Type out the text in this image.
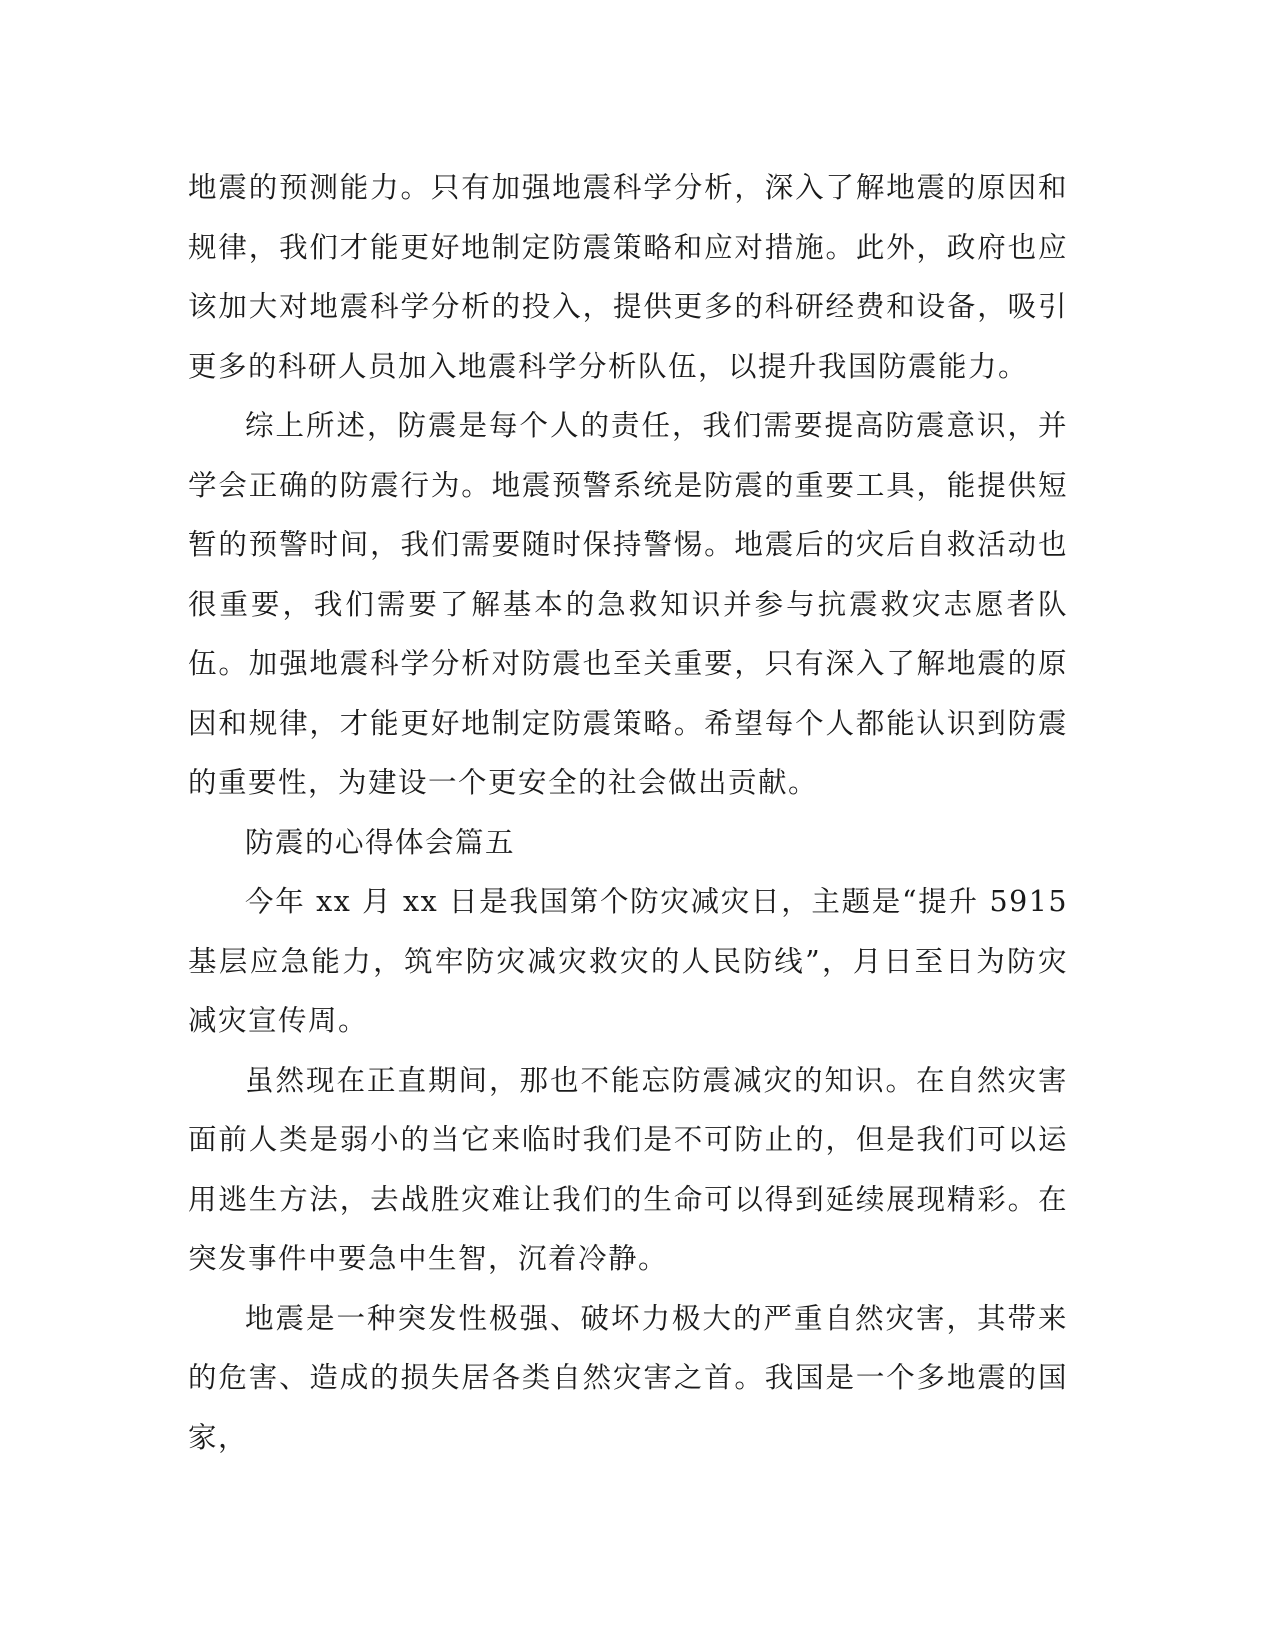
地震的预测能力。只有加强地震科学分析，深入了解地震的原因和规律，我们才能更好地制定防震策略和应对措施。此外，政府也应该加大对地震科学分析的投入，提供更多的科研经费和设备，吸引更多的科研人员加入地震科学分析队伍，以提升我国防震能力。

综上所述，防震是每个人的责任，我们需要提高防震意识，并学会正确的防震行为。地震预警系统是防震的重要工具，能提供短暂的预警时间，我们需要随时保持警惕。地震后的灾后自救活动也很重要，我们需要了解基本的急救知识并参与抗震救灾志愿者队伍。加强地震科学分析对防震也至关重要，只有深入了解地震的原因和规律，才能更好地制定防震策略。希望每个人都能认识到防震的重要性，为建设一个更安全的社会做出贡献。

防震的心得体会篇五

今年 xx 月 xx 日是我国第个防灾减灾日，主题是“提升 5915 基层应急能力，筑牢防灾减灾救灾的人民防线”，月日至日为防灾减灾宣传周。

虽然现在正直期间，那也不能忘防震减灾的知识。在自然灾害面前人类是弱小的当它来临时我们是不可防止的，但是我们可以运用逃生方法，去战胜灾难让我们的生命可以得到延续展现精彩。在突发事件中要急中生智，沉着冷静。

地震是一种突发性极强、破坏力极大的严重自然灾害，其带来的危害、造成的损失居各类自然灾害之首。我国是一个多地震的国家，
